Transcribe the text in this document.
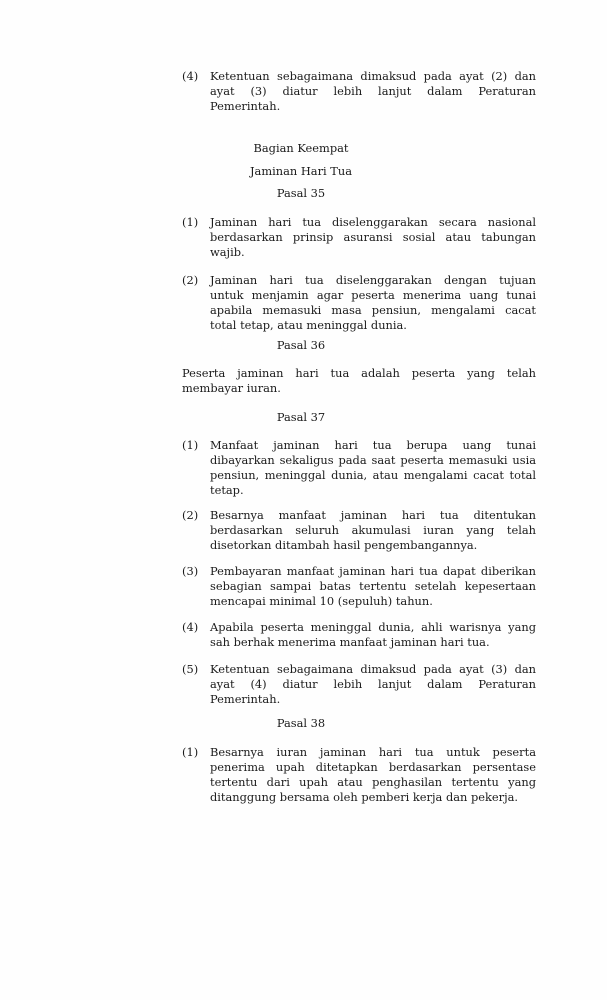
(4) Ketentuan sebagaimana dimaksud pada ayat (2) dan
ayat (3) diatur lebih lanjut dalam Peraturan
Pemerintah.
Bagian Keempat
Jaminan Hari Tua
Pasal 35
(1) Jaminan hari tua diselenggarakan secara nasional
berdasarkan prinsip asuransi sosial atau tabungan
wajib.
(2) Jaminan hari tua diselenggarakan dengan tujuan
untuk menjamin agar peserta menerima uang tunai
apabila memasuki masa pensiun, mengalami cacat
total tetap, atau meninggal dunia.
Pasal 36
Peserta jaminan hari tua adalah peserta yang telah
membayar iuran.
Pasal 37
(1) Manfaat jaminan hari tua berupa uang tunai
dibayarkan sekaligus pada saat peserta memasuki usia
pensiun, meninggal dunia, atau mengalami cacat total
tetap.
(2) Besarnya manfaat jaminan hari tua ditentukan
berdasarkan seluruh akumulasi iuran yang telah
disetorkan ditambah hasil pengembangannya.
(3) Pembayaran manfaat jaminan hari tua dapat diberikan
sebagian sampai batas tertentu setelah kepesertaan
mencapai minimal 10 (sepuluh) tahun.
(4) Apabila peserta meninggal dunia, ahli warisnya yang
sah berhak menerima manfaat jaminan hari tua.
(5) Ketentuan sebagaimana dimaksud pada ayat (3) dan
ayat (4) diatur lebih lanjut dalam Peraturan
Pemerintah.
Pasal 38
(1) Besarnya iuran jaminan hari tua untuk peserta
penerima upah ditetapkan berdasarkan persentase
tertentu dari upah atau penghasilan tertentu yang
ditanggung bersama oleh pemberi kerja dan pekerja.
